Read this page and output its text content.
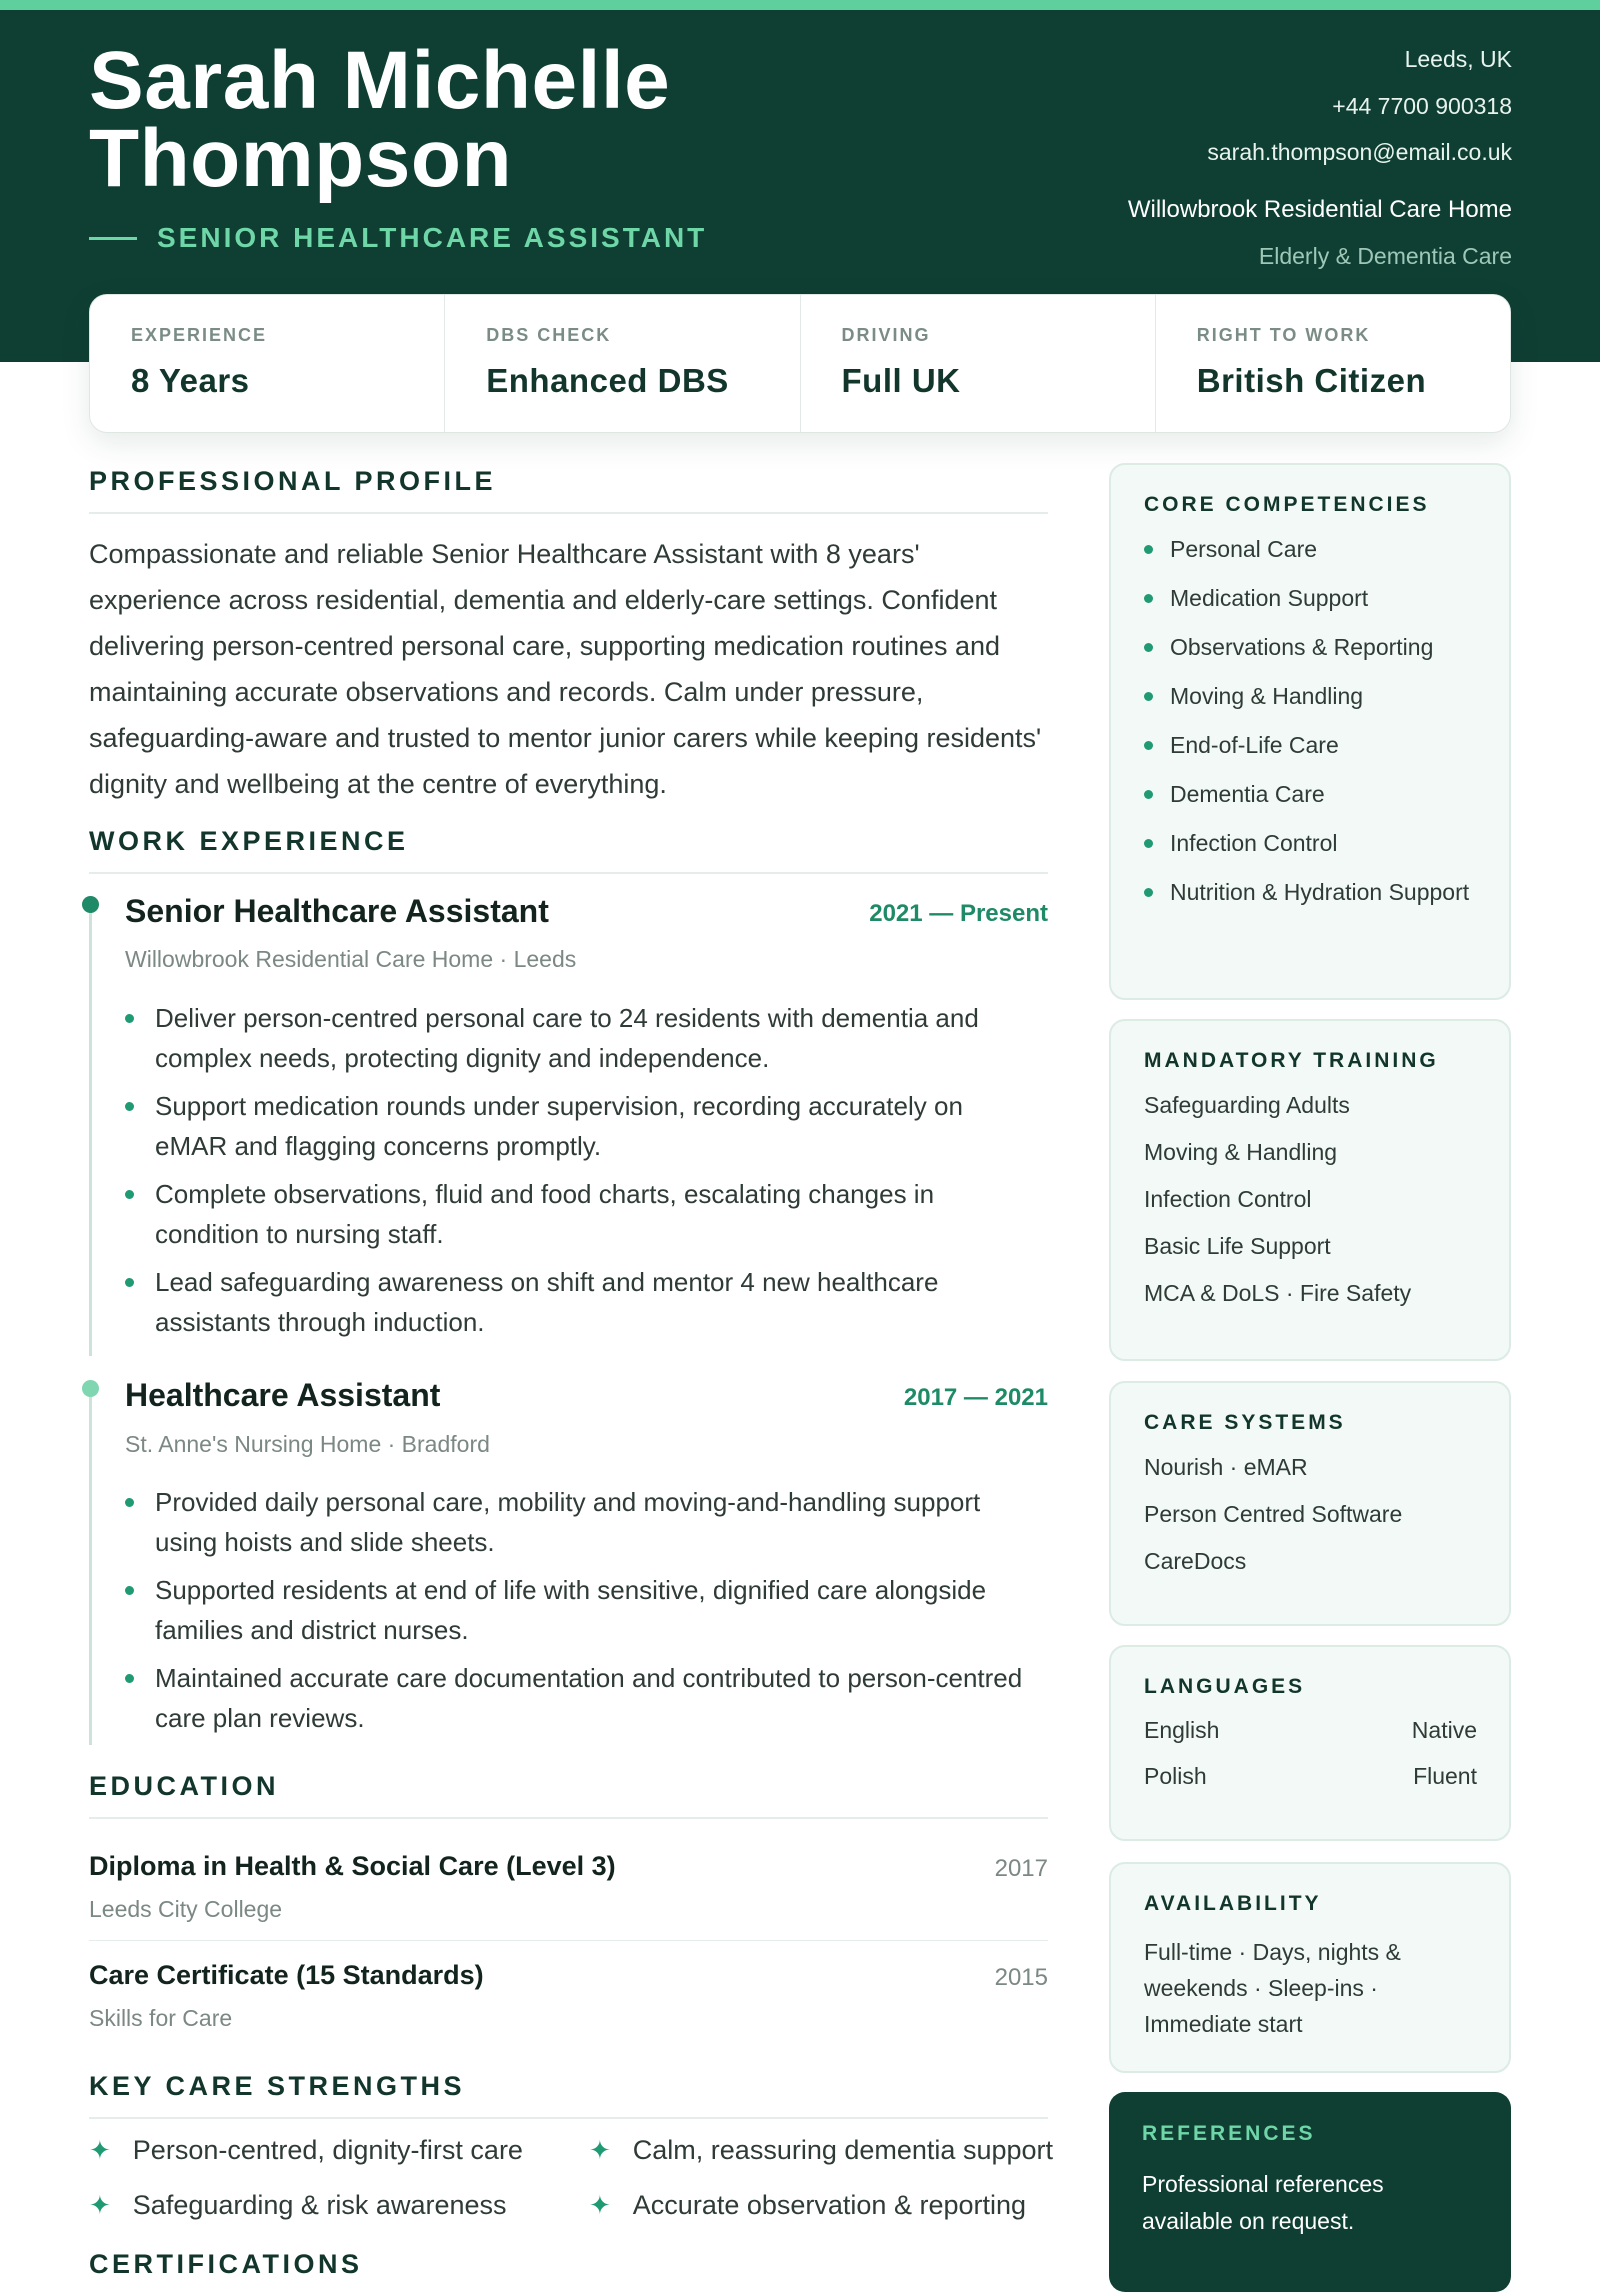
Sarah Michelle
Thompson
SENIOR HEALTHCARE ASSISTANT
Leeds, UK
+44 7700 900318
sarah.thompson@email.co.uk
Willowbrook Residential Care Home
Elderly & Dementia Care
EXPERIENCE
8 Years
DBS CHECK
Enhanced DBS
DRIVING
Full UK
RIGHT TO WORK
British Citizen
PROFESSIONAL PROFILE
Compassionate and reliable Senior Healthcare Assistant with 8 years' experience across residential, dementia and elderly-care settings. Confident delivering person-centred personal care, supporting medication routines and maintaining accurate observations and records. Calm under pressure, safeguarding-aware and trusted to mentor junior carers while keeping residents' dignity and wellbeing at the centre of everything.
WORK EXPERIENCE
Senior Healthcare Assistant	2021 — Present
Willowbrook Residential Care Home · Leeds
Deliver person-centred personal care to 24 residents with dementia and complex needs, protecting dignity and independence.
Support medication rounds under supervision, recording accurately on eMAR and flagging concerns promptly.
Complete observations, fluid and food charts, escalating changes in condition to nursing staff.
Lead safeguarding awareness on shift and mentor 4 new healthcare assistants through induction.
Healthcare Assistant	2017 — 2021
St. Anne's Nursing Home · Bradford
Provided daily personal care, mobility and moving-and-handling support using hoists and slide sheets.
Supported residents at end of life with sensitive, dignified care alongside families and district nurses.
Maintained accurate care documentation and contributed to person-centred care plan reviews.
EDUCATION
Diploma in Health & Social Care (Level 3)	2017
Leeds City College
Care Certificate (15 Standards)	2015
Skills for Care
KEY CARE STRENGTHS
✦ Person-centred, dignity-first care	✦ Calm, reassuring dementia support
✦ Safeguarding & risk awareness	✦ Accurate observation & reporting
CERTIFICATIONS
CORE COMPETENCIES
Personal Care
Medication Support
Observations & Reporting
Moving & Handling
End-of-Life Care
Dementia Care
Infection Control
Nutrition & Hydration Support
MANDATORY TRAINING
Safeguarding Adults
Moving & Handling
Infection Control
Basic Life Support
MCA & DoLS · Fire Safety
CARE SYSTEMS
Nourish · eMAR
Person Centred Software
CareDocs
LANGUAGES
English	Native
Polish	Fluent
AVAILABILITY
Full-time · Days, nights & weekends · Sleep-ins · Immediate start
REFERENCES
Professional references available on request.
